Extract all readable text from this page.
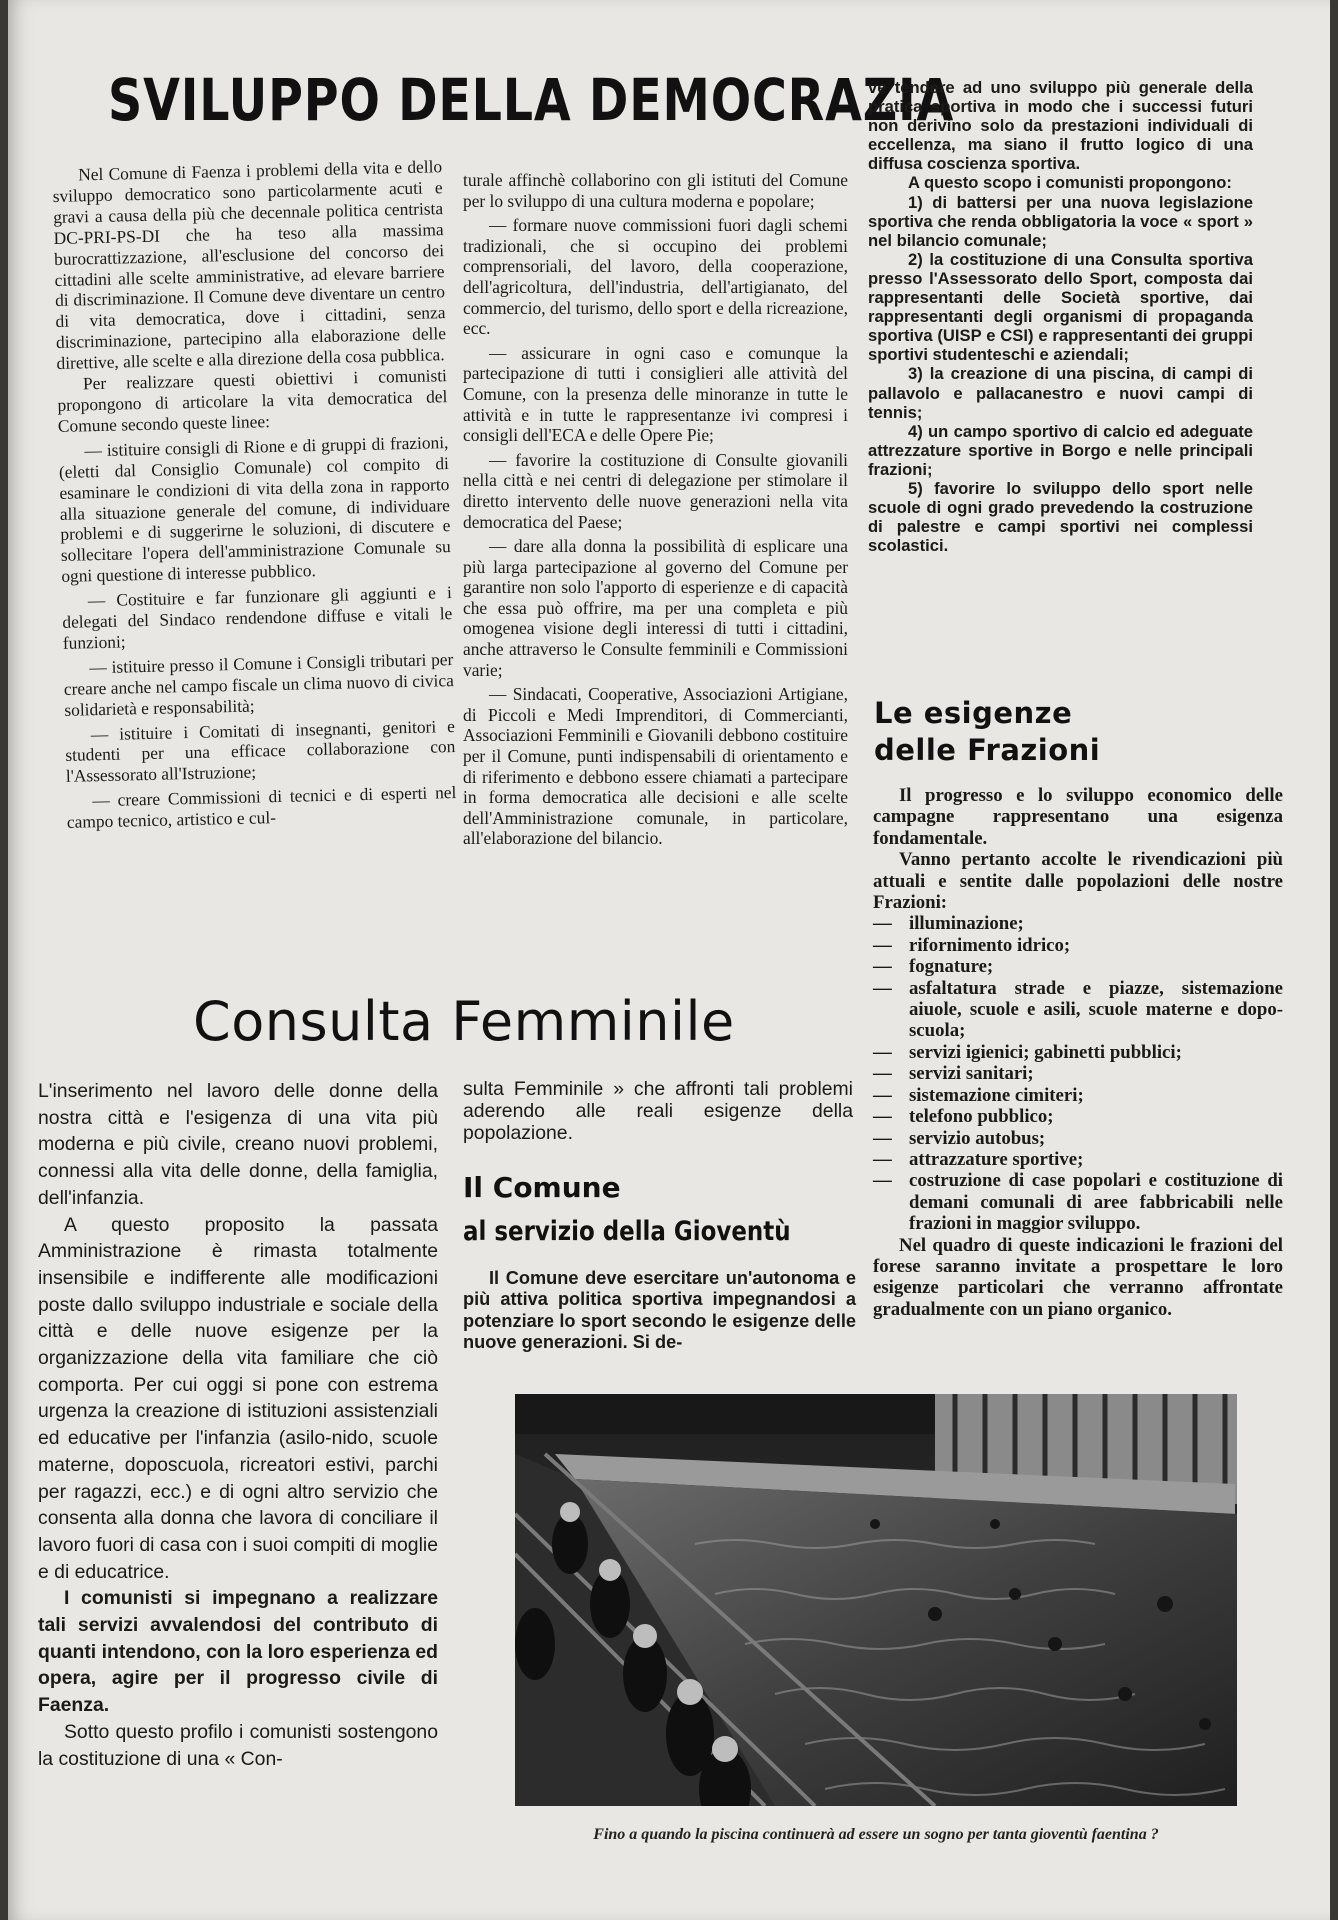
SVILUPPO DELLA DEMOCRAZIA

Nel Comune di Faenza i problemi della vita e dello sviluppo democratico sono particolarmente acuti e gravi a causa della più che decennale politica centrista DC-PRI-PS-DI che ha teso alla massima burocrattizzazione, all'esclusione del concorso dei cittadini alle scelte amministrative, ad elevare barriere di discriminazione. Il Comune deve diventare un centro di vita democratica, dove i cittadini, senza discriminazione, partecipino alla elaborazione delle direttive, alle scelte e alla direzione della cosa pubblica.

Per realizzare questi obiettivi i comunisti propongono di articolare la vita democratica del Comune secondo queste linee:

— istituire consigli di Rione e di gruppi di frazioni, (eletti dal Consiglio Comunale) col compito di esaminare le condizioni di vita della zona in rapporto alla situazione generale del comune, di individuare problemi e di suggerirne le soluzioni, di discutere e sollecitare l'opera dell'amministrazione Comunale su ogni questione di interesse pubblico.

— Costituire e far funzionare gli aggiunti e i delegati del Sindaco rendendone diffuse e vitali le funzioni;

— istituire presso il Comune i Consigli tributari per creare anche nel campo fiscale un clima nuovo di civica solidarietà e responsabilità;

— istituire i Comitati di insegnanti, genitori e studenti per una efficace collaborazione con l'Assessorato all'Istruzione;

— creare Commissioni di tecnici e di esperti nel campo tecnico, artistico e cul-

turale affinchè collaborino con gli istituti del Comune per lo sviluppo di una cultura moderna e popolare;

— formare nuove commissioni fuori dagli schemi tradizionali, che si occupino dei problemi comprensoriali, del lavoro, della cooperazione, dell'agricoltura, dell'industria, dell'artigianato, del commercio, del turismo, dello sport e della ricreazione, ecc.

— assicurare in ogni caso e comunque la partecipazione di tutti i consiglieri alle attività del Comune, con la presenza delle minoranze in tutte le attività e in tutte le rappresentanze ivi compresi i consigli dell'ECA e delle Opere Pie;

— favorire la costituzione di Consulte giovanili nella città e nei centri di delegazione per stimolare il diretto intervento delle nuove generazioni nella vita democratica del Paese;

— dare alla donna la possibilità di esplicare una più larga partecipazione al governo del Comune per garantire non solo l'apporto di esperienze e di capacità che essa può offrire, ma per una completa e più omogenea visione degli interessi di tutti i cittadini, anche attraverso le Consulte femminili e Commissioni varie;

— Sindacati, Cooperative, Associazioni Artigiane, di Piccoli e Medi Imprenditori, di Commercianti, Associazioni Femminili e Giovanili debbono costituire per il Comune, punti indispensabili di orientamento e di riferimento e debbono essere chiamati a partecipare in forma democratica alle decisioni e alle scelte dell'Amministrazione comunale, in particolare, all'elaborazione del bilancio.

ve tendere ad uno sviluppo più generale della pratica sportiva in modo che i successi futuri non derivino solo da prestazioni individuali di eccellenza, ma siano il frutto logico di una diffusa coscienza sportiva.

A questo scopo i comunisti propongono:

1) di battersi per una nuova legislazione sportiva che renda obbligatoria la voce « sport » nel bilancio comunale;

2) la costituzione di una Consulta sportiva presso l'Assessorato dello Sport, composta dai rappresentanti delle Società sportive, dai rappresentanti degli organismi di propaganda sportiva (UISP e CSI) e rappresentanti dei gruppi sportivi studenteschi e aziendali;

3) la creazione di una piscina, di campi di pallavolo e pallacanestro e nuovi campi di tennis;

4) un campo sportivo di calcio ed adeguate attrezzature sportive in Borgo e nelle principali frazioni;

5) favorire lo sviluppo dello sport nelle scuole di ogni grado prevedendo la costruzione di palestre e campi sportivi nei complessi scolastici.

Le esigenze
delle Frazioni

Il progresso e lo sviluppo economico delle campagne rappresentano una esigenza fondamentale.

Vanno pertanto accolte le rivendicazioni più attuali e sentite dalle popolazioni delle nostre Frazioni:

— illuminazione;
— rifornimento idrico;
— fognature;
— asfaltatura strade e piazze, sistemazione aiuole, scuole e asili, scuole materne e dopo-scuola;
— servizi igienici; gabinetti pubblici;
— servizi sanitari;
— sistemazione cimiteri;
— telefono pubblico;
— servizio autobus;
— attrazzature sportive;
— costruzione di case popolari e costituzione di demani comunali di aree fabbricabili nelle frazioni in maggior sviluppo.

Nel quadro di queste indicazioni le frazioni del forese saranno invitate a prospettare le loro esigenze particolari che verranno affrontate gradualmente con un piano organico.

Consulta Femminile

L'inserimento nel lavoro delle donne della nostra città e l'esigenza di una vita più moderna e più civile, creano nuovi problemi, connessi alla vita delle donne, della famiglia, dell'infanzia.

A questo proposito la passata Amministrazione è rimasta totalmente insensibile e indifferente alle modificazioni poste dallo sviluppo industriale e sociale della città e delle nuove esigenze per la organizzazione della vita familiare che ciò comporta. Per cui oggi si pone con estrema urgenza la creazione di istituzioni assistenziali ed educative per l'infanzia (asilo-nido, scuole materne, doposcuola, ricreatori estivi, parchi per ragazzi, ecc.) e di ogni altro servizio che consenta alla donna che lavora di conciliare il lavoro fuori di casa con i suoi compiti di moglie e di educatrice.

I comunisti si impegnano a realizzare tali servizi avvalendosi del contributo di quanti intendono, con la loro esperienza ed opera, agire per il progresso civile di Faenza.

Sotto questo profilo i comunisti sostengono la costituzione di una « Con-

sulta Femminile » che affronti tali problemi aderendo alle reali esigenze della popolazione.

Il Comune
al servizio della Gioventù

Il Comune deve esercitare un'autonoma e più attiva politica sportiva impegnandosi a potenziare lo sport secondo le esigenze delle nuove generazioni. Si de-

Fino a quando la piscina continuerà ad essere un sogno per tanta gioventù faentina ?
